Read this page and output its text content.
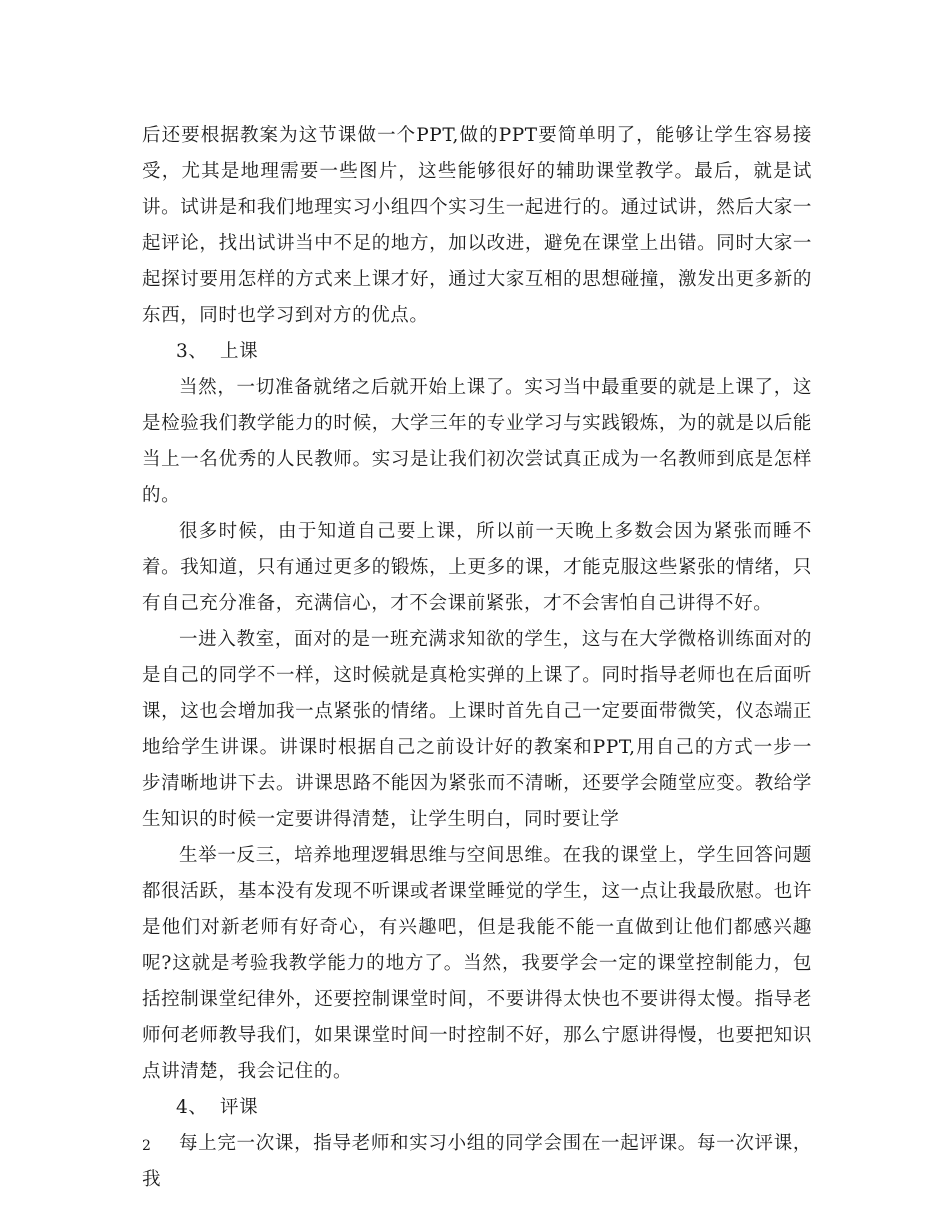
后还要根据教案为这节课做一个PPT,做的PPT要简单明了，能够让学生容易接受，尤其是地理需要一些图片，这些能够很好的辅助课堂教学。最后，就是试讲。试讲是和我们地理实习小组四个实习生一起进行的。通过试讲，然后大家一起评论，找出试讲当中不足的地方，加以改进，避免在课堂上出错。同时大家一起探讨要用怎样的方式来上课才好，通过大家互相的思想碰撞，激发出更多新的东西，同时也学习到对方的优点。

3、 上课

当然，一切准备就绪之后就开始上课了。实习当中最重要的就是上课了，这是检验我们教学能力的时候，大学三年的专业学习与实践锻炼，为的就是以后能当上一名优秀的人民教师。实习是让我们初次尝试真正成为一名教师到底是怎样的。

很多时候，由于知道自己要上课，所以前一天晚上多数会因为紧张而睡不着。我知道，只有通过更多的锻炼，上更多的课，才能克服这些紧张的情绪，只有自己充分准备，充满信心，才不会课前紧张，才不会害怕自己讲得不好。

一进入教室，面对的是一班充满求知欲的学生，这与在大学微格训练面对的是自己的同学不一样，这时候就是真枪实弹的上课了。同时指导老师也在后面听课，这也会增加我一点紧张的情绪。上课时首先自己一定要面带微笑，仪态端正地给学生讲课。讲课时根据自己之前设计好的教案和PPT,用自己的方式一步一步清晰地讲下去。讲课思路不能因为紧张而不清晰，还要学会随堂应变。教给学生知识的时候一定要讲得清楚，让学生明白，同时要让学

生举一反三，培养地理逻辑思维与空间思维。在我的课堂上，学生回答问题都很活跃，基本没有发现不听课或者课堂睡觉的学生，这一点让我最欣慰。也许是他们对新老师有好奇心，有兴趣吧，但是我能不能一直做到让他们都感兴趣呢?这就是考验我教学能力的地方了。当然，我要学会一定的课堂控制能力，包括控制课堂纪律外，还要控制课堂时间，不要讲得太快也不要讲得太慢。指导老师何老师教导我们，如果课堂时间一时控制不好，那么宁愿讲得慢，也要把知识点讲清楚，我会记住的。

4、 评课

每上完一次课，指导老师和实习小组的同学会围在一起评课。每一次评课，我

2
